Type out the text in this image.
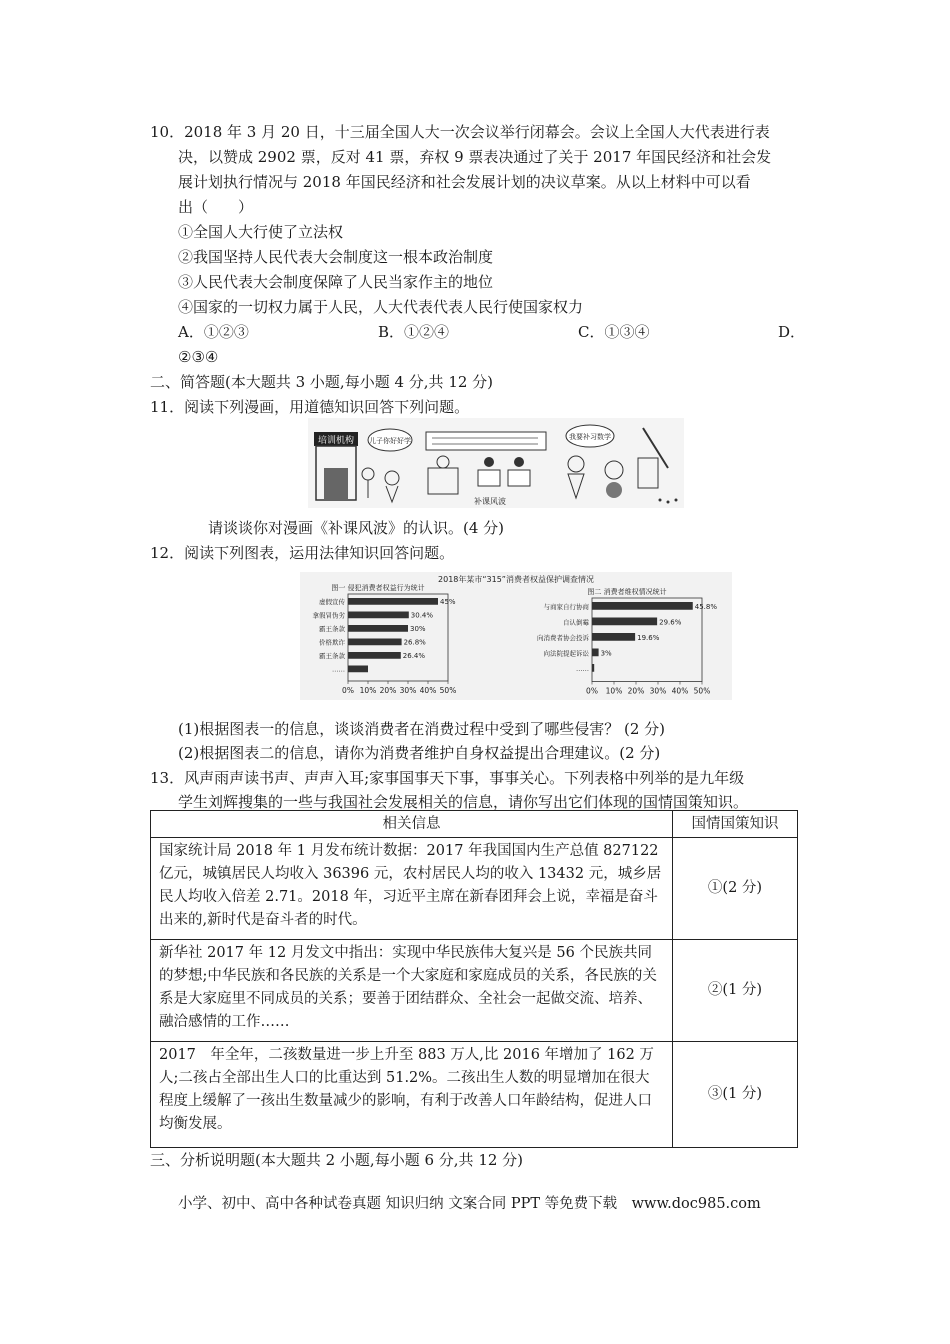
10．2018 年 3 月 20 日，十三届全国人大一次会议举行闭幕会。会议上全国人大代表进行表
决，以赞成 2902 票，反对 41 票，弃权 9 票表决通过了关于 2017 年国民经济和社会发
展计划执行情况与 2018 年国民经济和社会发展计划的决议草案。从以上材料中可以看
出（　　）
①全国人大行使了立法权
②我国坚持人民代表大会制度这一根本政治制度
③人民代表大会制度保障了人民当家作主的地位
④国家的一切权力属于人民，人大代表代表人民行使国家权力
A．①②③	B．①②④	C．①③④	D．
②③④
二、简答题(本大题共 3 小题,每小题 4 分,共 12 分)
11．阅读下列漫画，用道德知识回答下列问题。
培训机构 儿子你好好学
补课风波
我要补习数学
请谈谈你对漫画《补课风波》的认识。(4 分)
12．阅读下列图表，运用法律知识回答问题。
2018年某市“315”消费者权益保护调查情况
图一 侵犯消费者权益行为统计
0% 10% 20% 30% 40% 50%
虚假宣传	45%
拿假冒伪劣	30.4%
霸王条款	30%
价格欺诈	26.8%
霸王条款	26.4%
……
图二 消费者维权情况统计
0% 10% 20% 30% 40% 50%
与商家自行协商	45.8%
自认倒霉	29.6%
向消费者协会投诉	19.6%
向法院提起诉讼 3%
……
(1)根据图表一的信息，谈谈消费者在消费过程中受到了哪些侵害？ (2 分)
(2)根据图表二的信息，请你为消费者维护自身权益提出合理建议。(2 分)
13．风声雨声读书声、声声入耳;家事国事天下事，事事关心。下列表格中列举的是九年级
学生刘辉搜集的一些与我国社会发展相关的信息，请你写出它们体现的国情国策知识。
相关信息	国情国策知识
国家统计局 2018 年 1 月发布统计数据：2017 年我国国内生产总值 827122 亿元，城镇居民人均收入 36396 元，农村居民人均的收入 13432 元，城乡居民人均收入倍差 2.71。2018 年，习近平主席在新春团拜会上说，幸福是奋斗出来的,新时代是奋斗者的时代。	①(2 分)
新华社 2017 年 12 月发文中指出：实现中华民族伟大复兴是 56 个民族共同的梦想;中华民族和各民族的关系是一个大家庭和家庭成员的关系，各民族的关系是大家庭里不同成员的关系；要善于团结群众、全社会一起做交流、培养、融洽感情的工作……	②(1 分)
2017　年全年，二孩数量进一步上升至 883 万人,比 2016 年增加了 162 万人;二孩占全部出生人口的比重达到 51.2%。二孩出生人数的明显增加在很大程度上缓解了一孩出生数量减少的影响，有利于改善人口年龄结构，促进人口均衡发展。	③(1 分)
三、分析说明题(本大题共 2 小题,每小题 6 分,共 12 分)
小学、初中、高中各种试卷真题 知识归纳 文案合同 PPT 等免费下载　www.doc985.com
